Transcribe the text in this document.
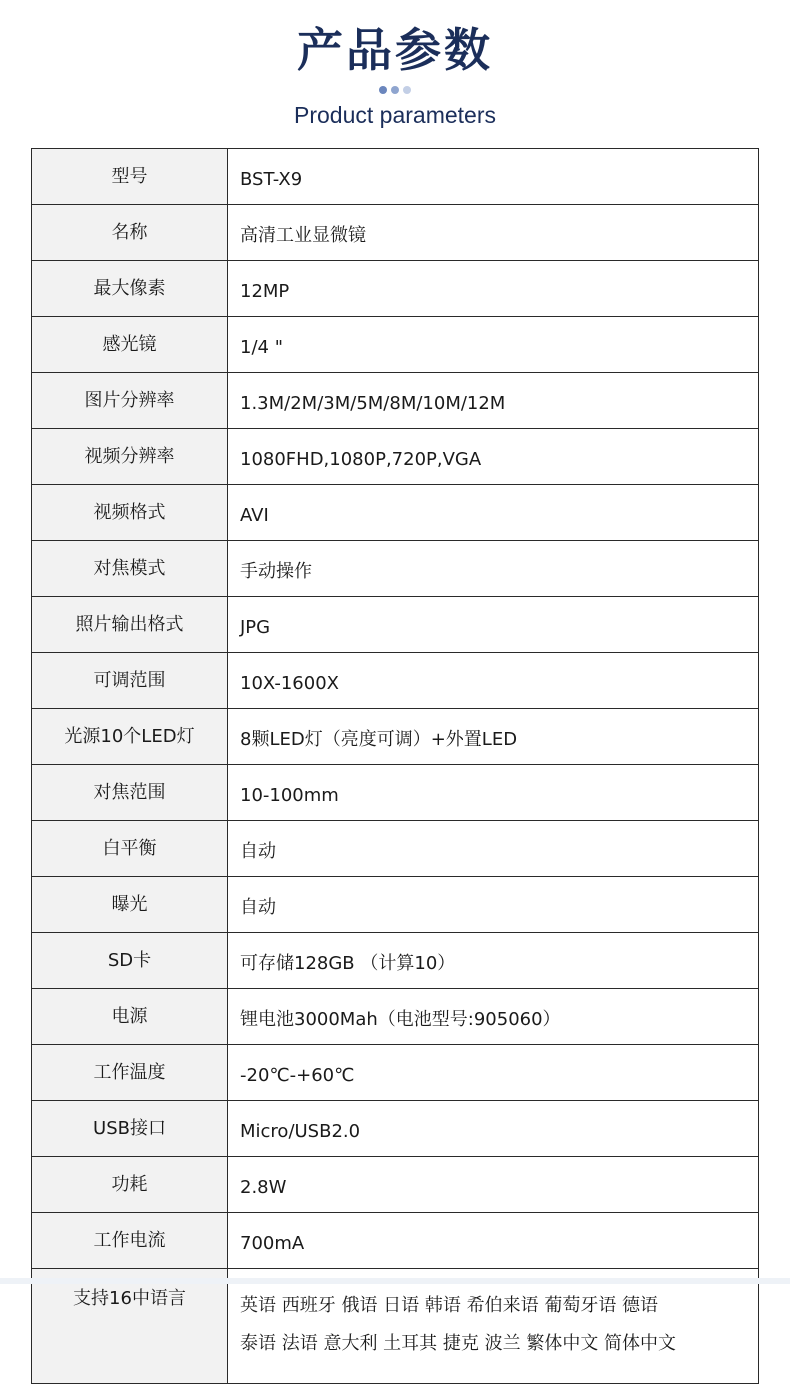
产品参数

Product parameters
型号	BST-X9
名称	高清工业显微镜
最大像素	12MP
感光镜	1/4 "
图片分辨率	1.3M/2M/3M/5M/8M/10M/12M
视频分辨率	1080FHD,1080P,720P,VGA
视频格式	AVI
对焦模式	手动操作
照片输出格式	JPG
可调范围	10X-1600X
光源10个LED灯	8颗LED灯（亮度可调）+外置LED
对焦范围	10-100mm
白平衡	自动
曝光	自动
SD卡	可存储128GB （计算10）
电源	锂电池3000Mah（电池型号:905060）
工作温度	-20℃-+60℃
USB接口	Micro/USB2.0
功耗	2.8W
工作电流	700mA
支持16中语言	英语 西班牙 俄语 日语 韩语 希伯来语 葡萄牙语 德语
泰语 法语 意大利 土耳其 捷克 波兰 繁体中文 简体中文
